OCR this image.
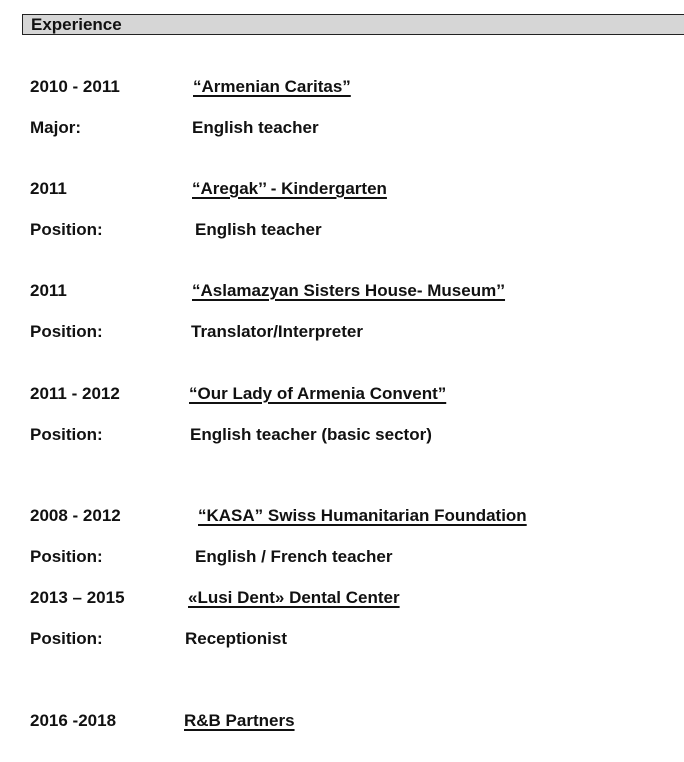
Experience
2010 - 2011	“Armenian Caritas”
Major:	English teacher
2011	“Aregak’’ - Kindergarten
Position:	English teacher
2011	“Aslamazyan Sisters House- Museum’’
Position:	Translator/Interpreter
2011 - 2012	“Our Lady of Armenia Convent”
Position:	English teacher (basic sector)
2008 - 2012	“KASA” Swiss Humanitarian Foundation
Position:	English / French teacher
2013 – 2015	«Lusi Dent» Dental Center
Position:	Receptionist
2016 -2018	R&B Partners
